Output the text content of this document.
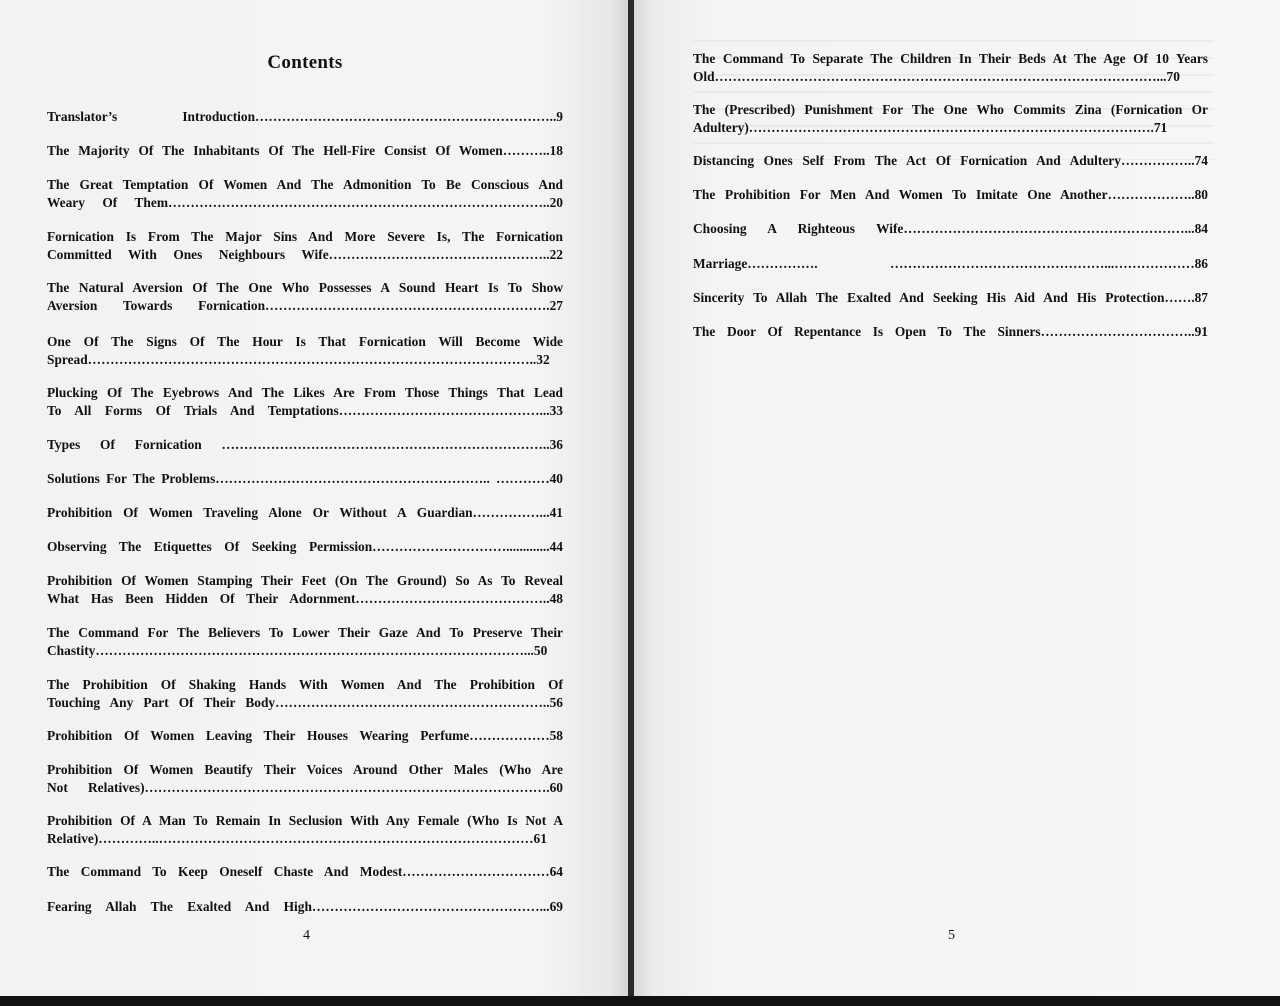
Contents
Translator’s Introduction…………………………………………………………..9
The Majority Of The Inhabitants Of The Hell-Fire Consist Of Women………..18
The Great Temptation Of Women And The Admonition To Be Conscious And
Weary Of Them…………………………………………………………………………..20
Fornication Is From The Major Sins And More Severe Is, The Fornication
Committed With Ones Neighbours Wife…………………………………………..22
The Natural Aversion Of The One Who Possesses A Sound Heart Is To Show
Aversion Towards Fornication……………………………………………………….27
One Of The Signs Of The Hour Is That Fornication Will Become Wide
Spread………………………………………………………………………………………..32
Plucking Of The Eyebrows And The Likes Are From Those Things That Lead
To All Forms Of Trials And Temptations………………………………………...33
Types Of Fornication ………………………………………………………………..36
Solutions For The Problems…………………………………………………….. …………40
Prohibition Of Women Traveling Alone Or Without A Guardian……………...41
Observing The Etiquettes Of Seeking Permission………………………….............44
Prohibition Of Women Stamping Their Feet (On The Ground) So As To Reveal
What Has Been Hidden Of Their Adornment……………………………………..48
The Command For The Believers To Lower Their Gaze And To Preserve Their
Chastity……………………………………………………………………………………...50
The Prohibition Of Shaking Hands With Women And The Prohibition Of
Touching Any Part Of Their Body……………………………………………………..56
Prohibition Of Women Leaving Their Houses Wearing Perfume………………58
Prohibition Of Women Beautify Their Voices Around Other Males (Who Are
Not Relatives)……………………………………………………………………………….60
Prohibition Of A Man To Remain In Seclusion With Any Female (Who Is Not A
Relative)…………..…………………………………………………………………………61
The Command To Keep Oneself Chaste And Modest……………………………64
Fearing Allah The Exalted And High……………………………………………...69
4
The Command To Separate The Children In Their Beds At The Age Of 10 Years
Old………………………………………………………………………………………...70
The (Prescribed) Punishment For The One Who Commits Zina (Fornication Or
Adultery)……………………………………………………………………………….71
Distancing Ones Self From The Act Of Fornication And Adultery……………..74
The Prohibition For Men And Women To Imitate One Another………………..80
Choosing A Righteous Wife………………………………………………………...84
Marriage……………. …………………………………………...………………86
Sincerity To Allah The Exalted And Seeking His Aid And His Protection…….87
The Door Of Repentance Is Open To The Sinners……………………………..91
5
